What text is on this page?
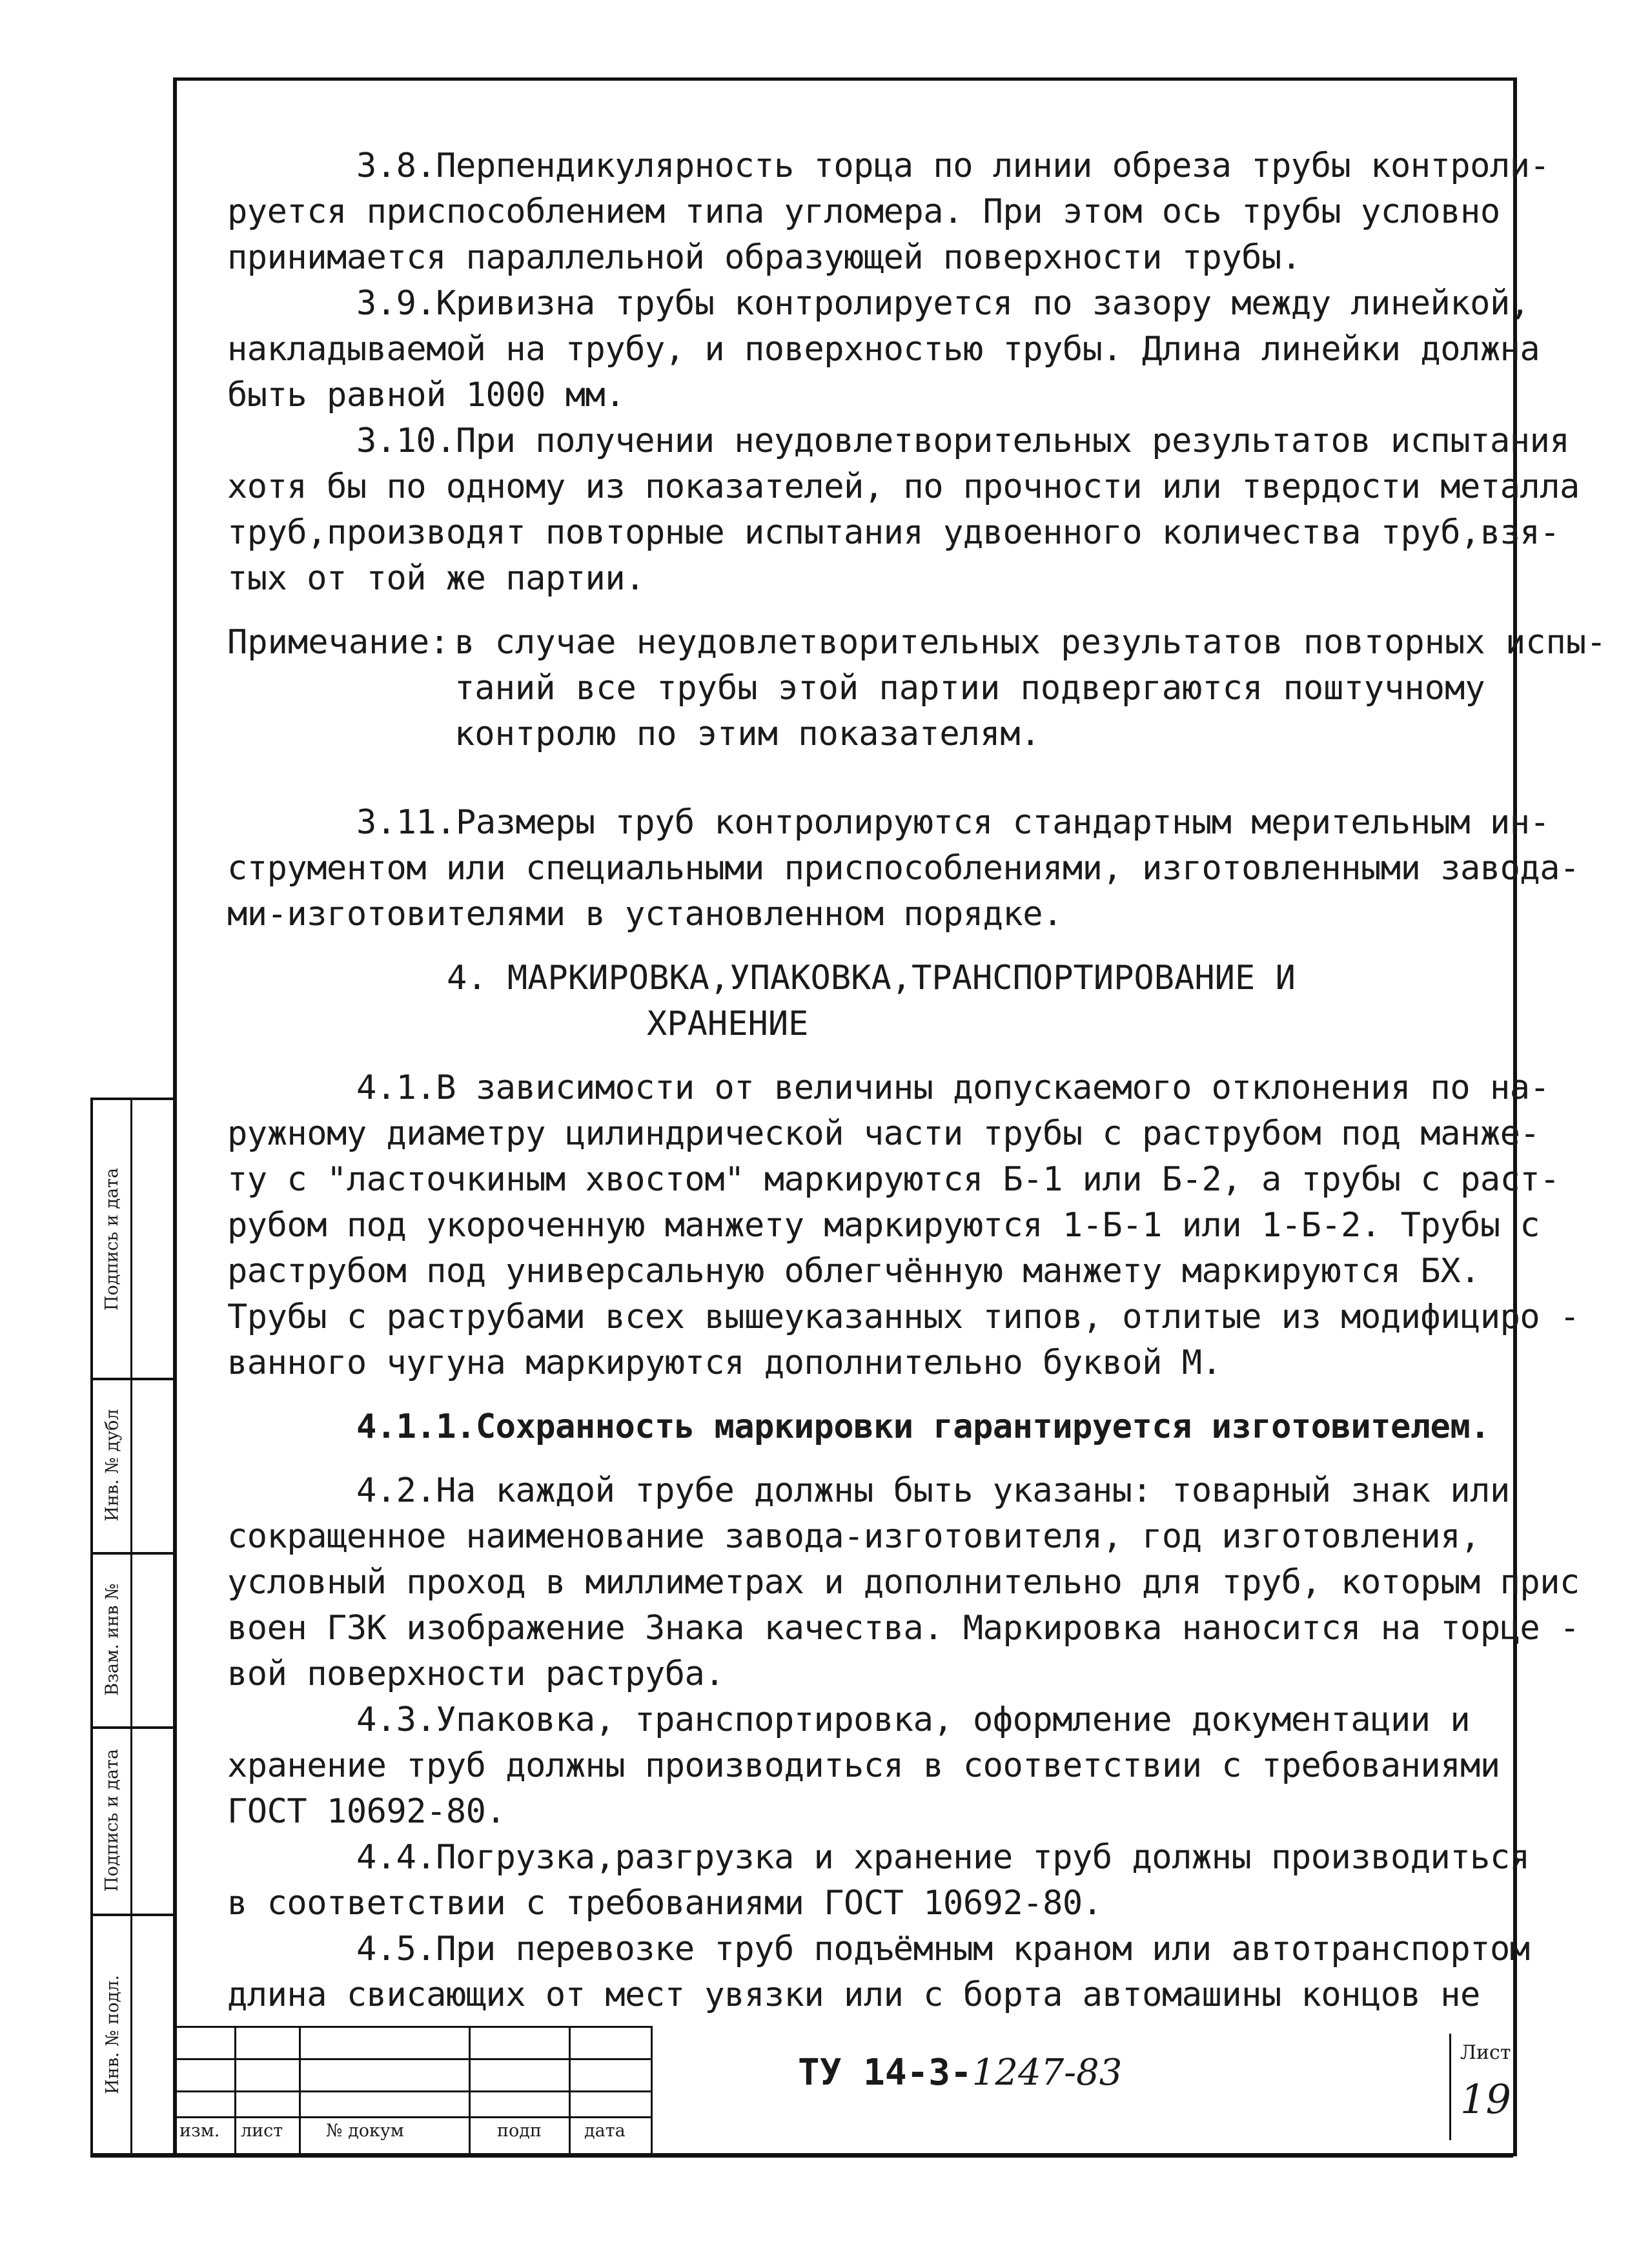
3.8.Перпендикулярность торца по линии обреза трубы контроли-
руется приспособлением типа угломера. При этом ось трубы условно
принимается параллельной образующей поверхности трубы.
3.9.Кривизна трубы контролируется по зазору между линейкой,
накладываемой на трубу, и поверхностью трубы. Длина линейки должна
быть равной 1000 мм.
3.10.При получении неудовлетворительных результатов испытания
хотя бы по одному из показателей, по прочности или твердости металла
труб,производят повторные испытания удвоенного количества труб,взя-
тых от той же партии.
Примечание: в случае неудовлетворительных результатов повторных испы-
таний все трубы этой партии подвергаются поштучному
контролю по этим показателям.
3.11.Размеры труб контролируются стандартным мерительным ин-
струментом или специальными приспособлениями, изготовленными завода-
ми-изготовителями в установленном порядке.
4. МАРКИРОВКА,УПАКОВКА,ТРАНСПОРТИРОВАНИЕ И
ХРАНЕНИЕ
4.1.В зависимости от величины допускаемого отклонения по на-
ружному диаметру цилиндрической части трубы с раструбом под манже-
ту с "ласточкиным хвостом" маркируются Б-1 или Б-2, а трубы с раст-
рубом под укороченную манжету маркируются 1-Б-1 или 1-Б-2. Трубы с
раструбом под универсальную облегчённую манжету маркируются БХ.
Трубы с раструбами всех вышеуказанных типов, отлитые из модифициро -
ванного чугуна маркируются дополнительно буквой М.
4.1.1.Сохранность маркировки гарантируется изготовителем.
4.2.На каждой трубе должны быть указаны: товарный знак или
сокращенное наименование завода-изготовителя, год изготовления,
условный проход в миллиметрах и дополнительно для труб, которым прис
воен ГЗК изображение Знака качества. Маркировка наносится на торце -
вой поверхности раструба.
4.3.Упаковка, транспортировка, оформление документации и
хранение труб должны производиться в соответствии с требованиями
ГОСТ 10692-80.
4.4.Погрузка,разгрузка и хранение труб должны производиться
в соответствии с требованиями ГОСТ 10692-80.
4.5.При перевозке труб подъёмным краном или автотранспортом
длина свисающих от мест увязки или с борта автомашины концов не
Подпись и дата
Инв. № дубл
Взам. инв №
Подпись и дата
Инв. № подл.
изм. лист № докум	подп дата
ТУ 14-3-1247-83	Лист
19
